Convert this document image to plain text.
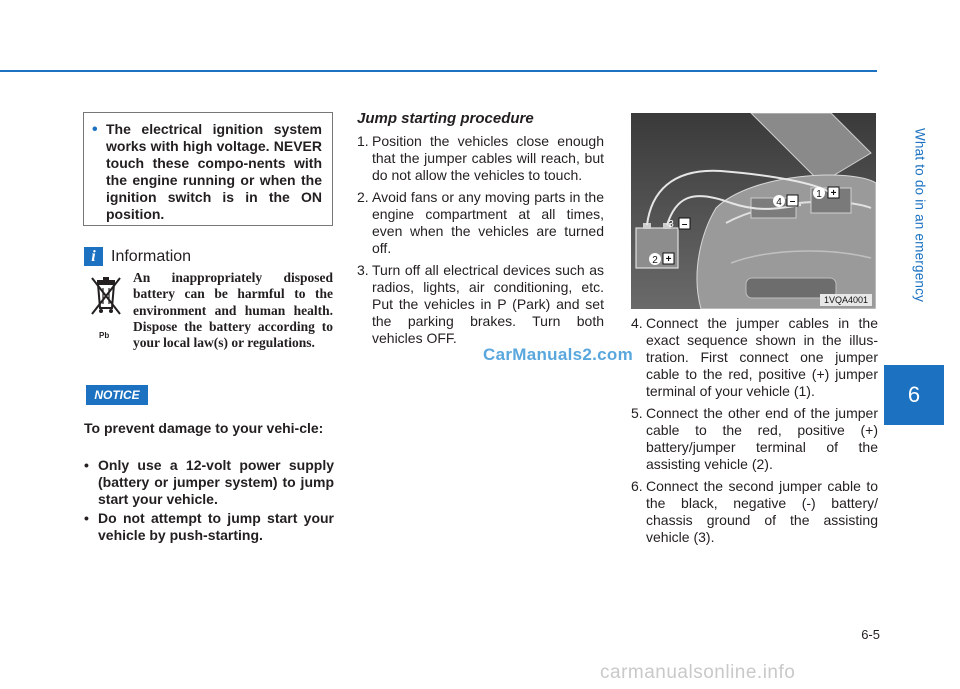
What to do in an emergency
6
6-5
• The electrical ignition system works with high voltage. NEVER touch these compo-nents with the engine running or when the ignition switch is in the ON position.
i Information
Pb
An inappropriately disposed battery can be harmful to the environment and human health. Dispose the battery according to your local law(s) or regulations.
NOTICE
To prevent damage to your vehi-cle:
• Only use a 12-volt power supply (battery or jumper system) to jump start your vehicle.
• Do not attempt to jump start your vehicle by push-starting.
Jump starting procedure
1. Position the vehicles close enough that the jumper cables will reach, but do not allow the vehicles to touch.
2. Avoid fans or any moving parts in the engine compartment at all times, even when the vehicles are turned off.
3. Turn off all electrical devices such as radios, lights, air conditioning, etc. Put the vehicles in P (Park) and set the parking brakes. Turn both vehicles OFF.
CarManuals2.com
1 +
4 –
3 –
2 +
1VQA4001
4. Connect the jumper cables in the exact sequence shown in the illus-tration. First connect one jumper cable to the red, positive (+) jumper terminal of your vehicle (1).
5. Connect the other end of the jumper cable to the red, positive (+) battery/jumper terminal of the assisting vehicle (2).
6. Connect the second jumper cable to the black, negative (-) battery/ chassis ground of the assisting vehicle (3).
carmanualsonline.info
